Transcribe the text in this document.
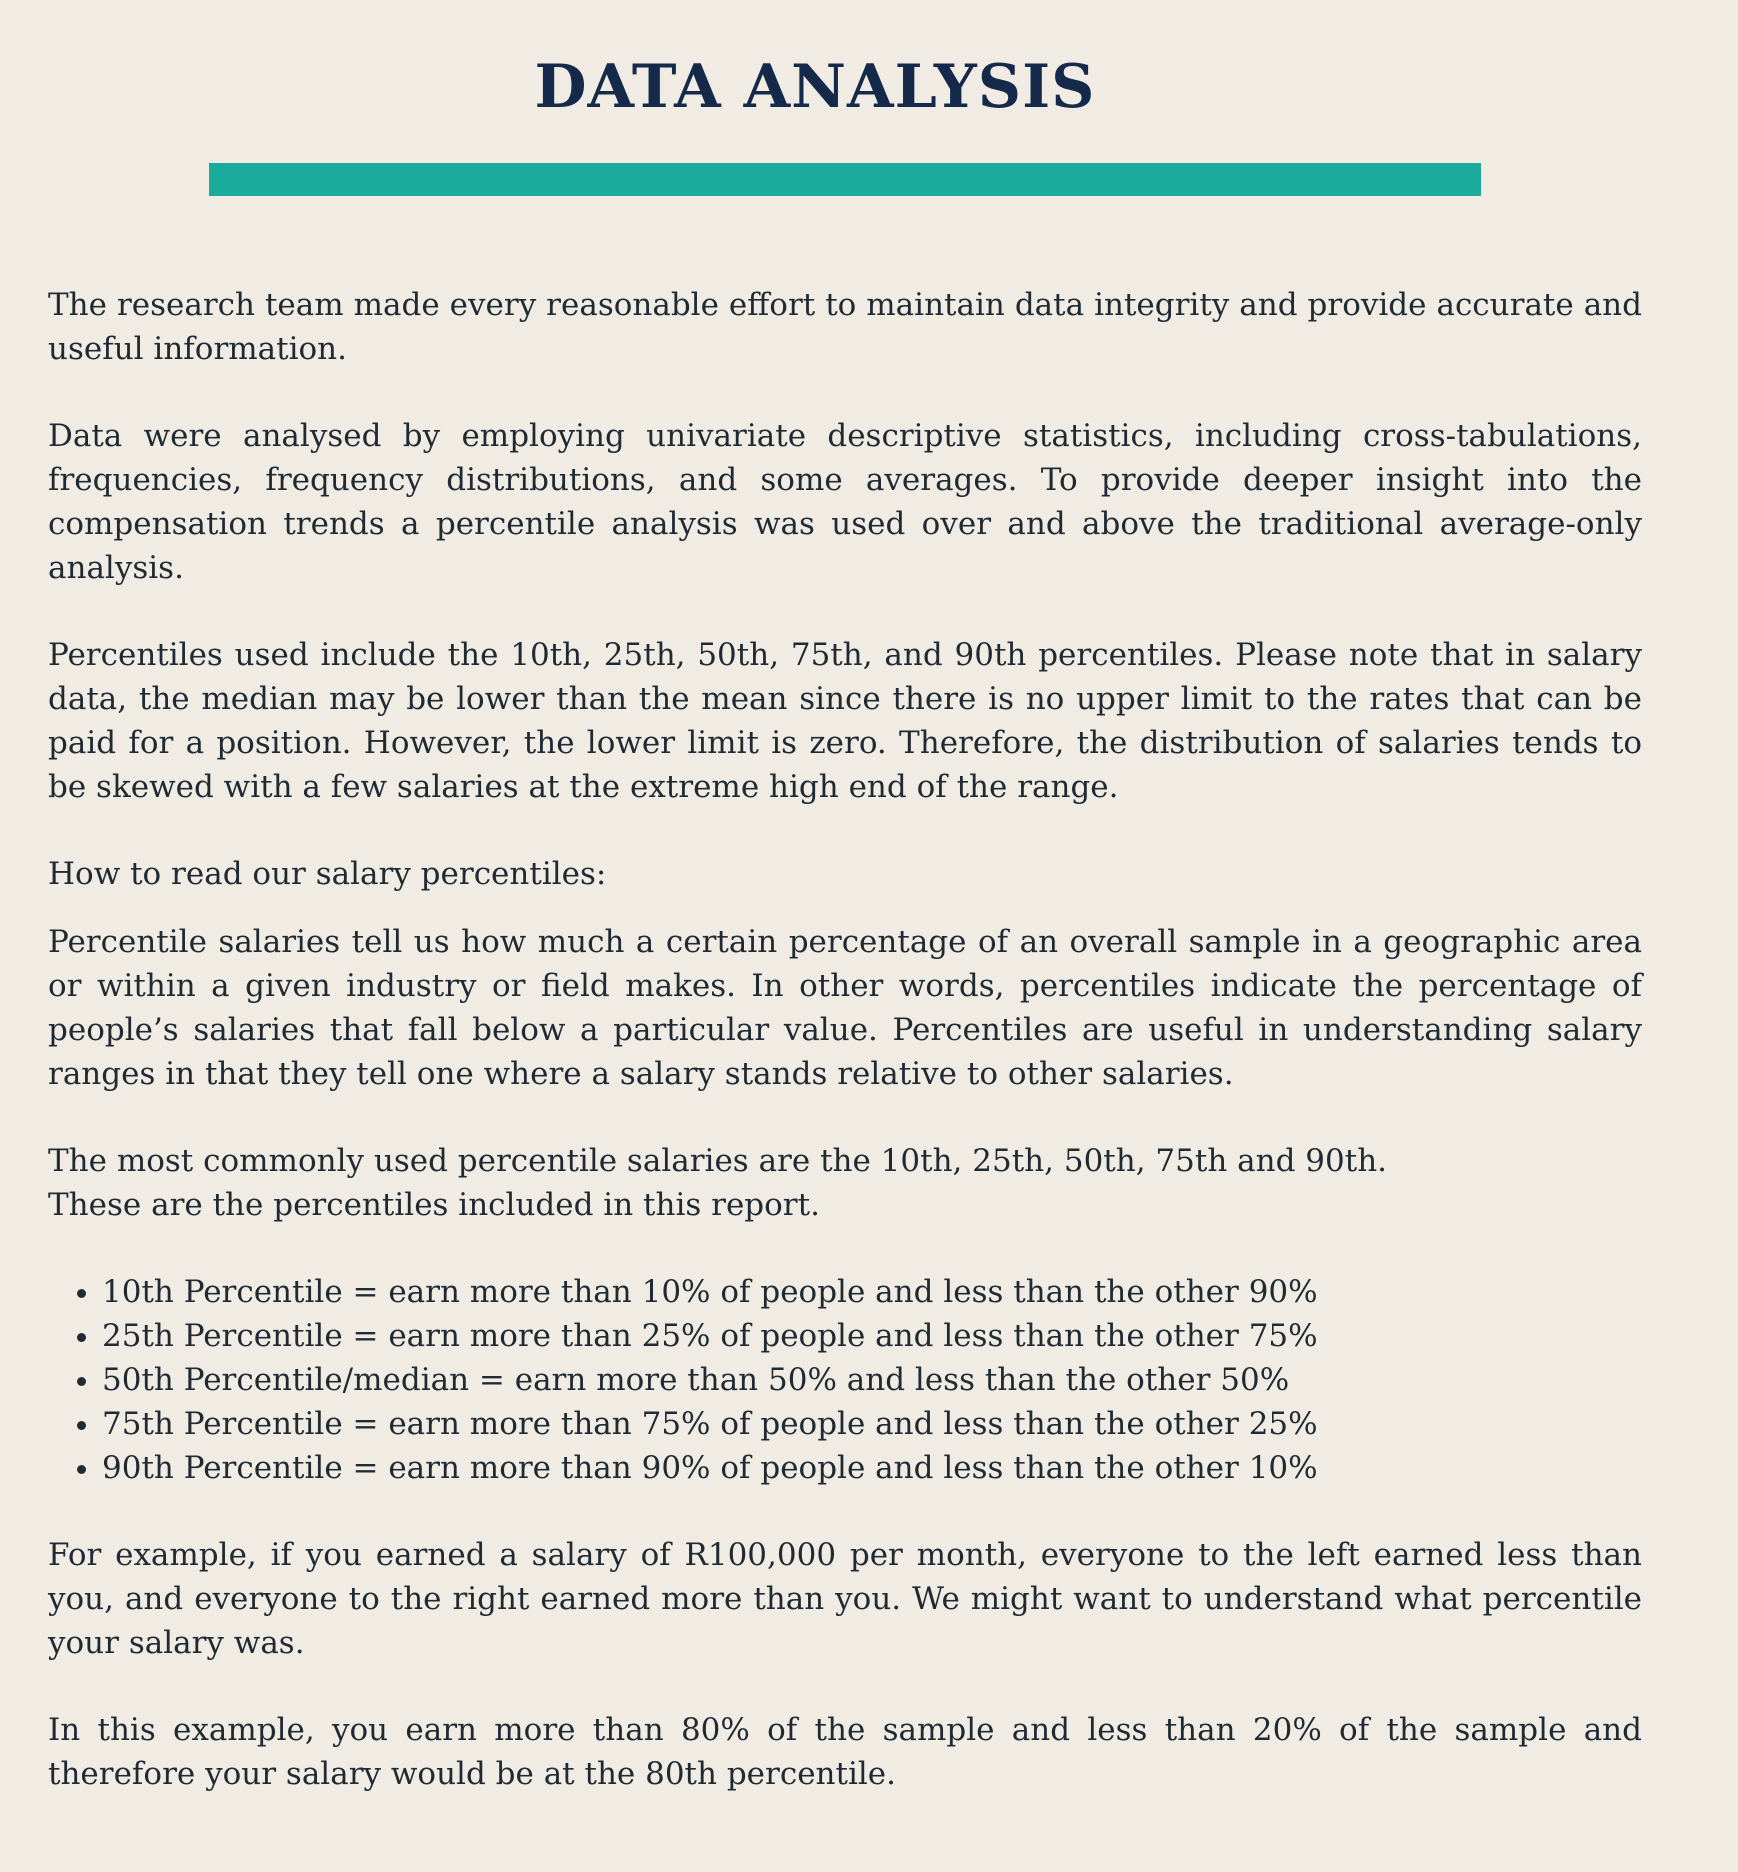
DATA ANALYSIS

The research team made every reasonable effort to maintain data integrity and provide accurate and useful information.

Data were analysed by employing univariate descriptive statistics, including cross-tabulations, frequencies, frequency distributions, and some averages. To provide deeper insight into the compensation trends a percentile analysis was used over and above the traditional average-only analysis.

Percentiles used include the 10th, 25th, 50th, 75th, and 90th percentiles. Please note that in salary data, the median may be lower than the mean since there is no upper limit to the rates that can be paid for a position. However, the lower limit is zero. Therefore, the distribution of salaries tends to be skewed with a few salaries at the extreme high end of the range.

How to read our salary percentiles:

Percentile salaries tell us how much a certain percentage of an overall sample in a geographic area or within a given industry or field makes. In other words, percentiles indicate the percentage of people’s salaries that fall below a particular value. Percentiles are useful in understanding salary ranges in that they tell one where a salary stands relative to other salaries.

The most commonly used percentile salaries are the 10th, 25th, 50th, 75th and 90th.

These are the percentiles included in this report.

• 10th Percentile = earn more than 10% of people and less than the other 90%
• 25th Percentile = earn more than 25% of people and less than the other 75%
• 50th Percentile/median = earn more than 50% and less than the other 50%
• 75th Percentile = earn more than 75% of people and less than the other 25%
• 90th Percentile = earn more than 90% of people and less than the other 10%

For example, if you earned a salary of R100,000 per month, everyone to the left earned less than you, and everyone to the right earned more than you. We might want to understand what percentile your salary was.

In this example, you earn more than 80% of the sample and less than 20% of the sample and therefore your salary would be at the 80th percentile.
